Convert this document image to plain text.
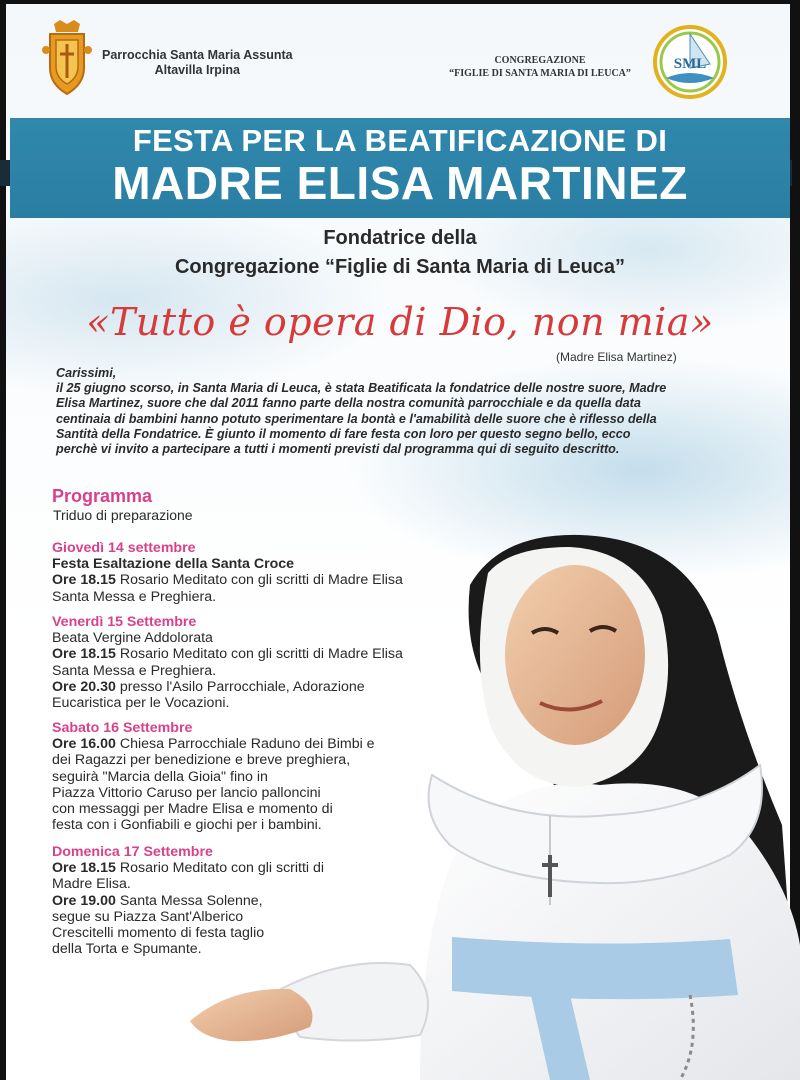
Parrocchia Santa Maria Assunta
Altavilla Irpina
CONGREGAZIONE
“FIGLIE DI SANTA MARIA DI LEUCA”
SML
FESTA PER LA BEATIFICAZIONE DI
MADRE ELISA MARTINEZ
Fondatrice della
Congregazione “Figlie di Santa Maria di Leuca”
«Tutto è opera di Dio, non mia»
(Madre Elisa Martinez)

Carissimi,

il 25 giugno scorso, in Santa Maria di Leuca, è stata Beatificata la fondatrice delle nostre suore, Madre

Elisa Martinez, suore che dal 2011 fanno parte della nostra comunità parrocchiale e da quella data

centinaia di bambini hanno potuto sperimentare la bontà e l'amabilità delle suore che è riflesso della

Santità della Fondatrice. È giunto il momento di fare festa con loro per questo segno bello, ecco

perchè vi invito a partecipare a tutti i momenti previsti dal programma qui di seguito descritto.

Programma
Triduo di preparazione
Giovedì 14 settembre
Festa Esaltazione della Santa Croce
Ore 18.15 Rosario Meditato con gli scritti di Madre Elisa
Santa Messa e Preghiera.
Venerdì 15 Settembre
Beata Vergine Addolorata
Ore 18.15 Rosario Meditato con gli scritti di Madre Elisa
Santa Messa e Preghiera.
Ore 20.30 presso l'Asilo Parrocchiale, Adorazione
Eucaristica per le Vocazioni.
Sabato 16 Settembre
Ore 16.00 Chiesa Parrocchiale Raduno dei Bimbi e
dei Ragazzi per benedizione e breve preghiera,
seguirà "Marcia della Gioia" fino in
Piazza Vittorio Caruso per lancio palloncini
con messaggi per Madre Elisa e momento di
festa con i Gonfiabili e giochi per i bambini.
Domenica 17 Settembre
Ore 18.15 Rosario Meditato con gli scritti di
Madre Elisa.
Ore 19.00 Santa Messa Solenne,
segue su Piazza Sant'Alberico
Crescitelli momento di festa taglio
della Torta e Spumante.
